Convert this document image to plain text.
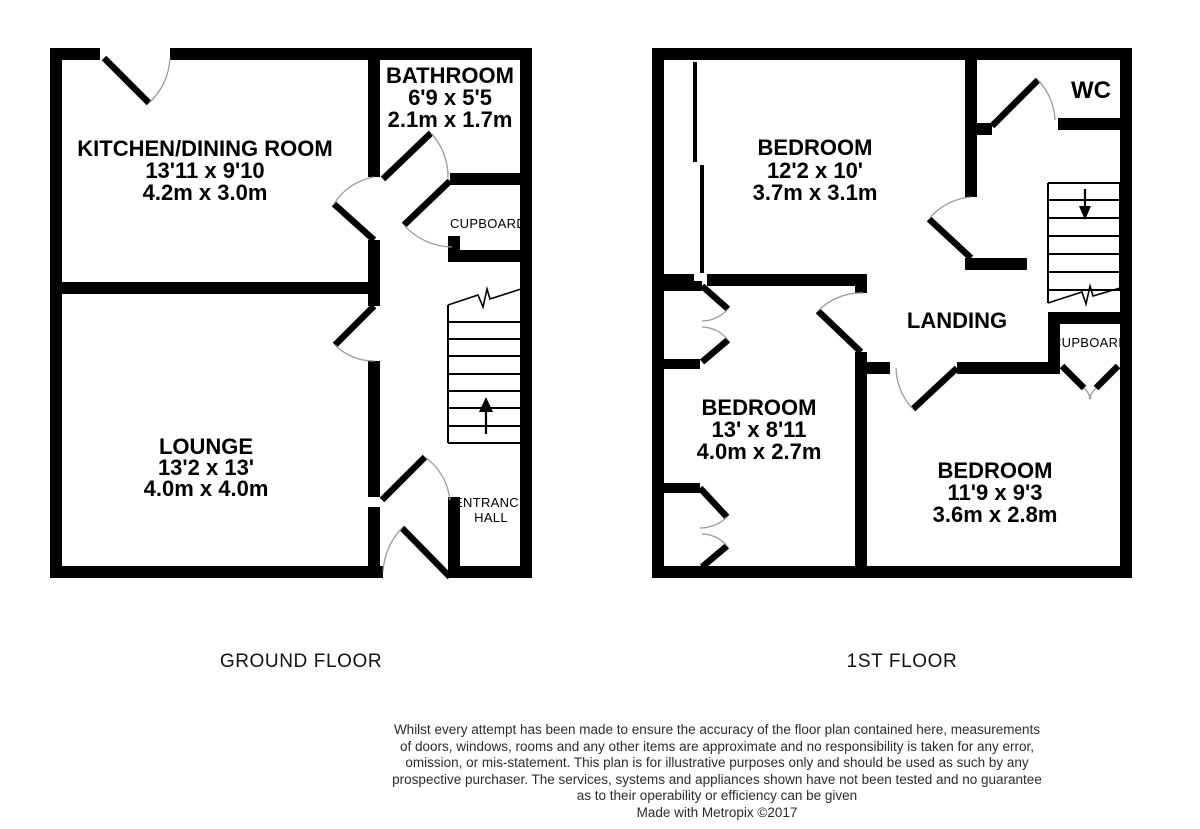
KITCHEN/DINING ROOM
13'11 x 9'10
4.2m x 3.0m
BATHROOM
6'9 x 5'5
2.1m x 1.7m
CUPBOARD
LOUNGE
13'2 x 13'
4.0m x 4.0m
ENTRANCE
HALL
BEDROOM
12'2 x 10'
3.7m x 3.1m
WC
LANDING
CUPBOARD
BEDROOM
13' x 8'11
4.0m x 2.7m
BEDROOM
11'9 x 9'3
3.6m x 2.8m
GROUND FLOOR	1ST FLOOR
Whilst every attempt has been made to ensure the accuracy of the floor plan contained here, measurements
of doors, windows, rooms and any other items are approximate and no responsibility is taken for any error,
omission, or mis-statement. This plan is for illustrative purposes only and should be used as such by any
prospective purchaser. The services, systems and appliances shown have not been tested and no guarantee
as to their operability or efficiency can be given
Made with Metropix ©2017
